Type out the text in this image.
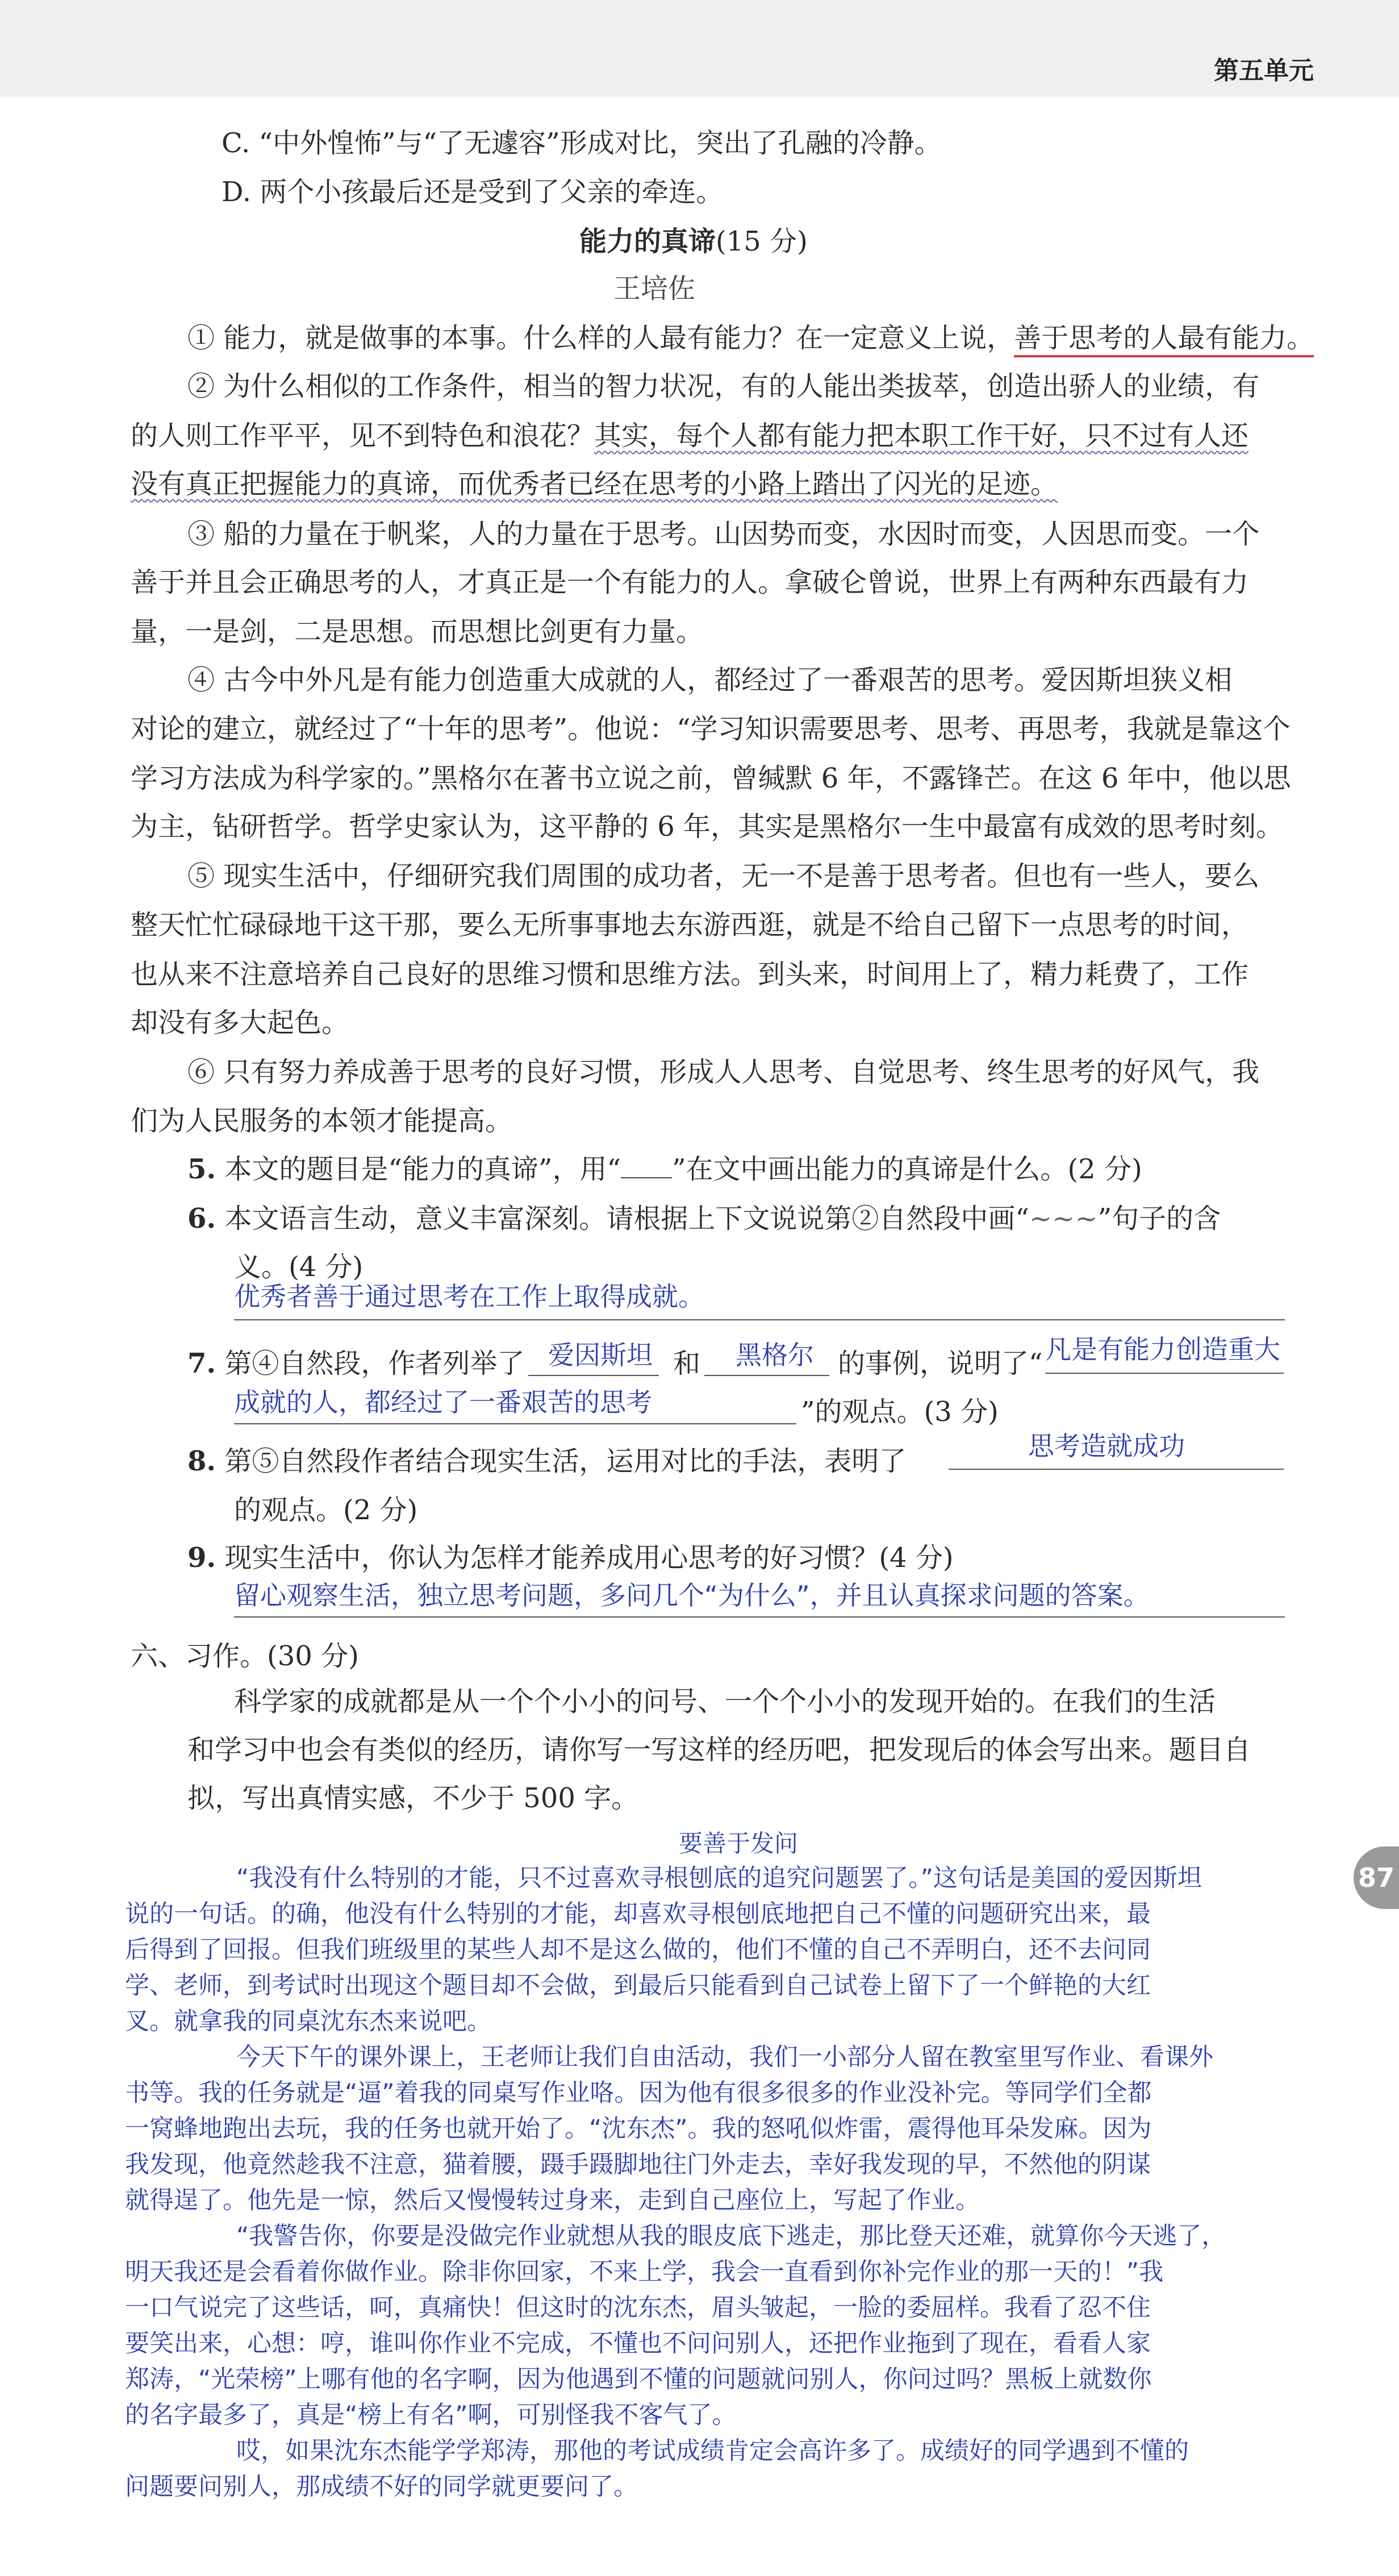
第五单元
C. “中外惶怖”与“了无遽容”形成对比，突出了孔融的冷静。
D. 两个小孩最后还是受到了父亲的牵连。
能力的真谛(15 分)
王培佐
① 能力，就是做事的本事。什么样的人最有能力？在一定意义上说，善于思考的人最有能力。
② 为什么相似的工作条件，相当的智力状况，有的人能出类拔萃，创造出骄人的业绩，有
的人则工作平平，见不到特色和浪花？其实，每个人都有能力把本职工作干好，只不过有人还
没有真正把握能力的真谛，而优秀者已经在思考的小路上踏出了闪光的足迹。
③ 船的力量在于帆桨，人的力量在于思考。山因势而变，水因时而变，人因思而变。一个
善于并且会正确思考的人，才真正是一个有能力的人。拿破仑曾说，世界上有两种东西最有力
量，一是剑，二是思想。而思想比剑更有力量。
④ 古今中外凡是有能力创造重大成就的人，都经过了一番艰苦的思考。爱因斯坦狭义相
对论的建立，就经过了“十年的思考”。他说：“学习知识需要思考、思考、再思考，我就是靠这个
学习方法成为科学家的。”黑格尔在著书立说之前，曾缄默 6 年，不露锋芒。在这 6 年中，他以思
为主，钻研哲学。哲学史家认为，这平静的 6 年，其实是黑格尔一生中最富有成效的思考时刻。
⑤ 现实生活中，仔细研究我们周围的成功者，无一不是善于思考者。但也有一些人，要么
整天忙忙碌碌地干这干那，要么无所事事地去东游西逛，就是不给自己留下一点思考的时间，
也从来不注意培养自己良好的思维习惯和思维方法。到头来，时间用上了，精力耗费了，工作
却没有多大起色。
⑥ 只有努力养成善于思考的良好习惯，形成人人思考、自觉思考、终生思考的好风气，我
们为人民服务的本领才能提高。
5. 本文的题目是“能力的真谛”，用“ ”在文中画出能力的真谛是什么。(2 分)
6. 本文语言生动，意义丰富深刻。请根据上下文说说第②自然段中画“~~~”句子的含
义。(4 分)
优秀者善于通过思考在工作上取得成就。
7. 第④自然段，作者列举了 爱因斯坦 和 黑格尔 的事例，说明了“ 凡是有能力创造重大
成就的人，都经过了一番艰苦的思考	”的观点。(3 分)
8. 第⑤自然段作者结合现实生活，运用对比的手法，表明了	思考造就成功
的观点。(2 分)
9. 现实生活中，你认为怎样才能养成用心思考的好习惯？(4 分)
留心观察生活，独立思考问题，多问几个“为什么”，并且认真探求问题的答案。
六、习作。(30 分)
科学家的成就都是从一个个小小的问号、一个个小小的发现开始的。在我们的生活
和学习中也会有类似的经历，请你写一写这样的经历吧，把发现后的体会写出来。题目自
拟，写出真情实感，不少于 500 字。
要善于发问

“我没有什么特别的才能，只不过喜欢寻根刨底的追究问题罢了。”这句话是美国的爱因斯坦

说的一句话。的确，他没有什么特别的才能，却喜欢寻根刨底地把自己不懂的问题研究出来，最

后得到了回报。但我们班级里的某些人却不是这么做的，他们不懂的自己不弄明白，还不去问同

学、老师，到考试时出现这个题目却不会做，到最后只能看到自己试卷上留下了一个鲜艳的大红

叉。就拿我的同桌沈东杰来说吧。

今天下午的课外课上，王老师让我们自由活动，我们一小部分人留在教室里写作业、看课外

书等。我的任务就是“逼”着我的同桌写作业咯。因为他有很多很多的作业没补完。等同学们全都

一窝蜂地跑出去玩，我的任务也就开始了。“沈东杰”。我的怒吼似炸雷，震得他耳朵发麻。因为

我发现，他竟然趁我不注意，猫着腰，蹑手蹑脚地往门外走去，幸好我发现的早，不然他的阴谋

就得逞了。他先是一惊，然后又慢慢转过身来，走到自己座位上，写起了作业。

“我警告你，你要是没做完作业就想从我的眼皮底下逃走，那比登天还难，就算你今天逃了，

明天我还是会看着你做作业。除非你回家，不来上学，我会一直看到你补完作业的那一天的！”我

一口气说完了这些话，呵，真痛快！但这时的沈东杰，眉头皱起，一脸的委屈样。我看了忍不住

要笑出来，心想：哼，谁叫你作业不完成，不懂也不问问别人，还把作业拖到了现在，看看人家

郑涛，“光荣榜”上哪有他的名字啊，因为他遇到不懂的问题就问别人，你问过吗？黑板上就数你

的名字最多了，真是“榜上有名”啊，可别怪我不客气了。

哎，如果沈东杰能学学郑涛，那他的考试成绩肯定会高许多了。成绩好的同学遇到不懂的

问题要问别人，那成绩不好的同学就更要问了。

87
